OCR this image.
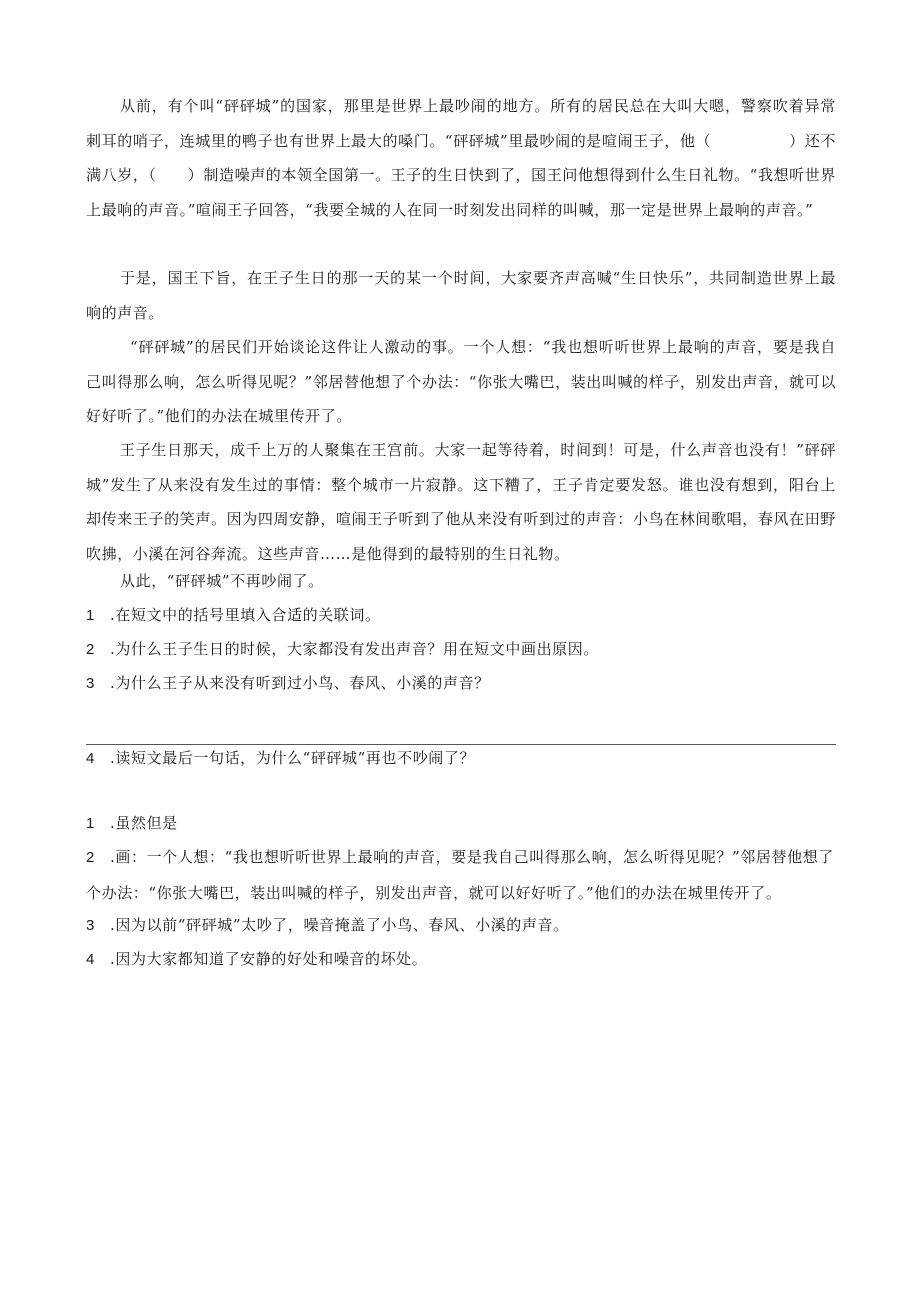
从前，有个叫“砰砰城”的国家，那里是世界上最吵闹的地方。所有的居民总在大叫大嗯，警察吹着异常刺耳的哨子，连城里的鸭子也有世界上最大的嗓门。“砰砰城”里最吵闹的是喧闹王子，他（　　　　　）还不满八岁，（　　）制造噪声的本领全国第一。王子的生日快到了，国王问他想得到什么生日礼物。“我想听世界上最响的声音。”喧闹王子回答，“我要全城的人在同一时刻发出同样的叫喊，那一定是世界上最响的声音。”

于是，国王下旨，在王子生日的那一天的某一个时间，大家要齐声高喊“生日快乐”，共同制造世界上最响的声音。

“砰砰城”的居民们开始谈论这件让人激动的事。一个人想：“我也想听听世界上最响的声音，要是我自己叫得那么响，怎么听得见呢？”邻居替他想了个办法：“你张大嘴巴，装出叫喊的样子，别发出声音，就可以好好听了。”他们的办法在城里传开了。

王子生日那天，成千上万的人聚集在王宫前。大家一起等待着，时间到！可是，什么声音也没有！”砰砰城”发生了从来没有发生过的事情：整个城市一片寂静。这下糟了，王子肯定要发怒。谁也没有想到，阳台上却传来王子的笑声。因为四周安静，喧闹王子听到了他从来没有听到过的声音：小鸟在林间歌唱，春风在田野吹拂，小溪在河谷奔流。这些声音……是他得到的最特别的生日礼物。

从此，“砰砰城”不再吵闹了。

1 .在短文中的括号里填入合适的关联词。
2 .为什么王子生日的时候，大家都没有发出声音？用在短文中画出原因。
3 .为什么王子从来没有听到过小鸟、春风、小溪的声音？
4 .读短文最后一句话，为什么“砰砰城”再也不吵闹了？
1 .虽然但是
2 .画：一个人想：“我也想听听世界上最响的声音，要是我自己叫得那么响，怎么听得见呢？”邻居替他想了个办法：“你张大嘴巴，装出叫喊的样子，别发出声音，就可以好好听了。”他们的办法在城里传开了。
3 .因为以前“砰砰城”太吵了，噪音掩盖了小鸟、春风、小溪的声音。
4 .因为大家都知道了安静的好处和噪音的坏处。
